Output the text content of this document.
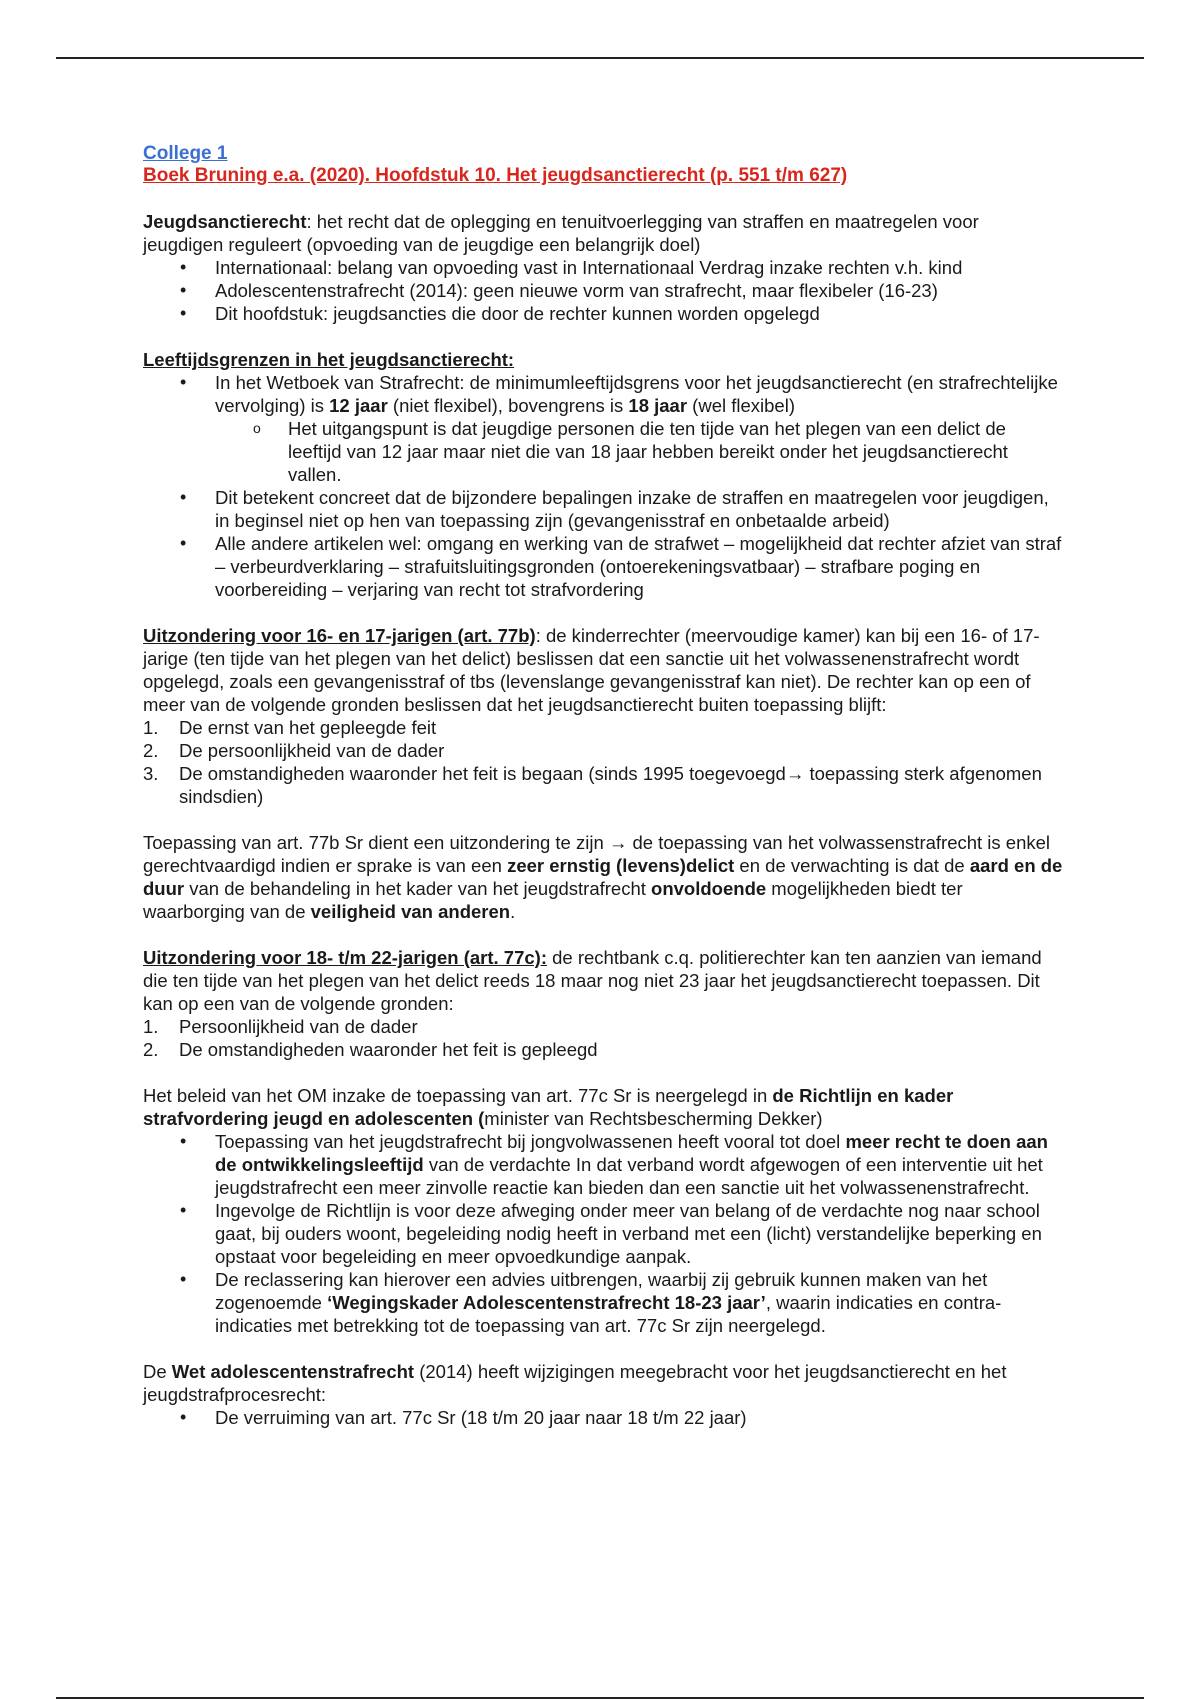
College 1
Boek Bruning e.a. (2020). Hoofdstuk 10. Het jeugdsanctierecht (p. 551 t/m 627)

Jeugdsanctierecht: het recht dat de oplegging en tenuitvoerlegging van straffen en maatregelen voor jeugdigen reguleert (opvoeding van de jeugdige een belangrijk doel)

• Internationaal: belang van opvoeding vast in Internationaal Verdrag inzake rechten v.h. kind
• Adolescentenstrafrecht (2014): geen nieuwe vorm van strafrecht, maar flexibeler (16-23)
• Dit hoofdstuk: jeugdsancties die door de rechter kunnen worden opgelegd

Leeftijdsgrenzen in het jeugdsanctierecht:

• In het Wetboek van Strafrecht: de minimumleeftijdsgrens voor het jeugdsanctierecht (en strafrechtelijke vervolging) is 12 jaar (niet flexibel), bovengrens is 18 jaar (wel flexibel)
o Het uitgangspunt is dat jeugdige personen die ten tijde van het plegen van een delict de leeftijd van 12 jaar maar niet die van 18 jaar hebben bereikt onder het jeugdsanctierecht vallen.
• Dit betekent concreet dat de bijzondere bepalingen inzake de straffen en maatregelen voor jeugdigen, in beginsel niet op hen van toepassing zijn (gevangenisstraf en onbetaalde arbeid)
• Alle andere artikelen wel: omgang en werking van de strafwet – mogelijkheid dat rechter afziet van straf – verbeurdverklaring – strafuitsluitingsgronden (ontoerekeningsvatbaar) – strafbare poging en voorbereiding – verjaring van recht tot strafvordering

Uitzondering voor 16- en 17-jarigen (art. 77b): de kinderrechter (meervoudige kamer) kan bij een 16- of 17-jarige (ten tijde van het plegen van het delict) beslissen dat een sanctie uit het volwassenenstrafrecht wordt opgelegd, zoals een gevangenisstraf of tbs (levenslange gevangenisstraf kan niet). De rechter kan op een of meer van de volgende gronden beslissen dat het jeugdsanctierecht buiten toepassing blijft:

1. De ernst van het gepleegde feit
2. De persoonlijkheid van de dader
3. De omstandigheden waaronder het feit is begaan (sinds 1995 toegevoegd→ toepassing sterk afgenomen sindsdien)

Toepassing van art. 77b Sr dient een uitzondering te zijn → de toepassing van het volwassenstrafrecht is enkel gerechtvaardigd indien er sprake is van een zeer ernstig (levens)delict en de verwachting is dat de aard en de duur van de behandeling in het kader van het jeugdstrafrecht onvoldoende mogelijkheden biedt ter waarborging van de veiligheid van anderen.

Uitzondering voor 18- t/m 22-jarigen (art. 77c): de rechtbank c.q. politierechter kan ten aanzien van iemand die ten tijde van het plegen van het delict reeds 18 maar nog niet 23 jaar het jeugdsanctierecht toepassen. Dit kan op een van de volgende gronden:

1. Persoonlijkheid van de dader
2. De omstandigheden waaronder het feit is gepleegd

Het beleid van het OM inzake de toepassing van art. 77c Sr is neergelegd in de Richtlijn en kader strafvordering jeugd en adolescenten (minister van Rechtsbescherming Dekker)

• Toepassing van het jeugdstrafrecht bij jongvolwassenen heeft vooral tot doel meer recht te doen aan de ontwikkelingsleeftijd van de verdachte In dat verband wordt afgewogen of een interventie uit het jeugdstrafrecht een meer zinvolle reactie kan bieden dan een sanctie uit het volwassenenstrafrecht.
• Ingevolge de Richtlijn is voor deze afweging onder meer van belang of de verdachte nog naar school gaat, bij ouders woont, begeleiding nodig heeft in verband met een (licht) verstandelijke beperking en opstaat voor begeleiding en meer opvoedkundige aanpak.
• De reclassering kan hierover een advies uitbrengen, waarbij zij gebruik kunnen maken van het zogenoemde ‘Wegingskader Adolescentenstrafrecht 18-23 jaar’, waarin indicaties en contra-indicaties met betrekking tot de toepassing van art. 77c Sr zijn neergelegd.

De Wet adolescentenstrafrecht (2014) heeft wijzigingen meegebracht voor het jeugdsanctierecht en het jeugdstrafprocesrecht:

• De verruiming van art. 77c Sr (18 t/m 20 jaar naar 18 t/m 22 jaar)
